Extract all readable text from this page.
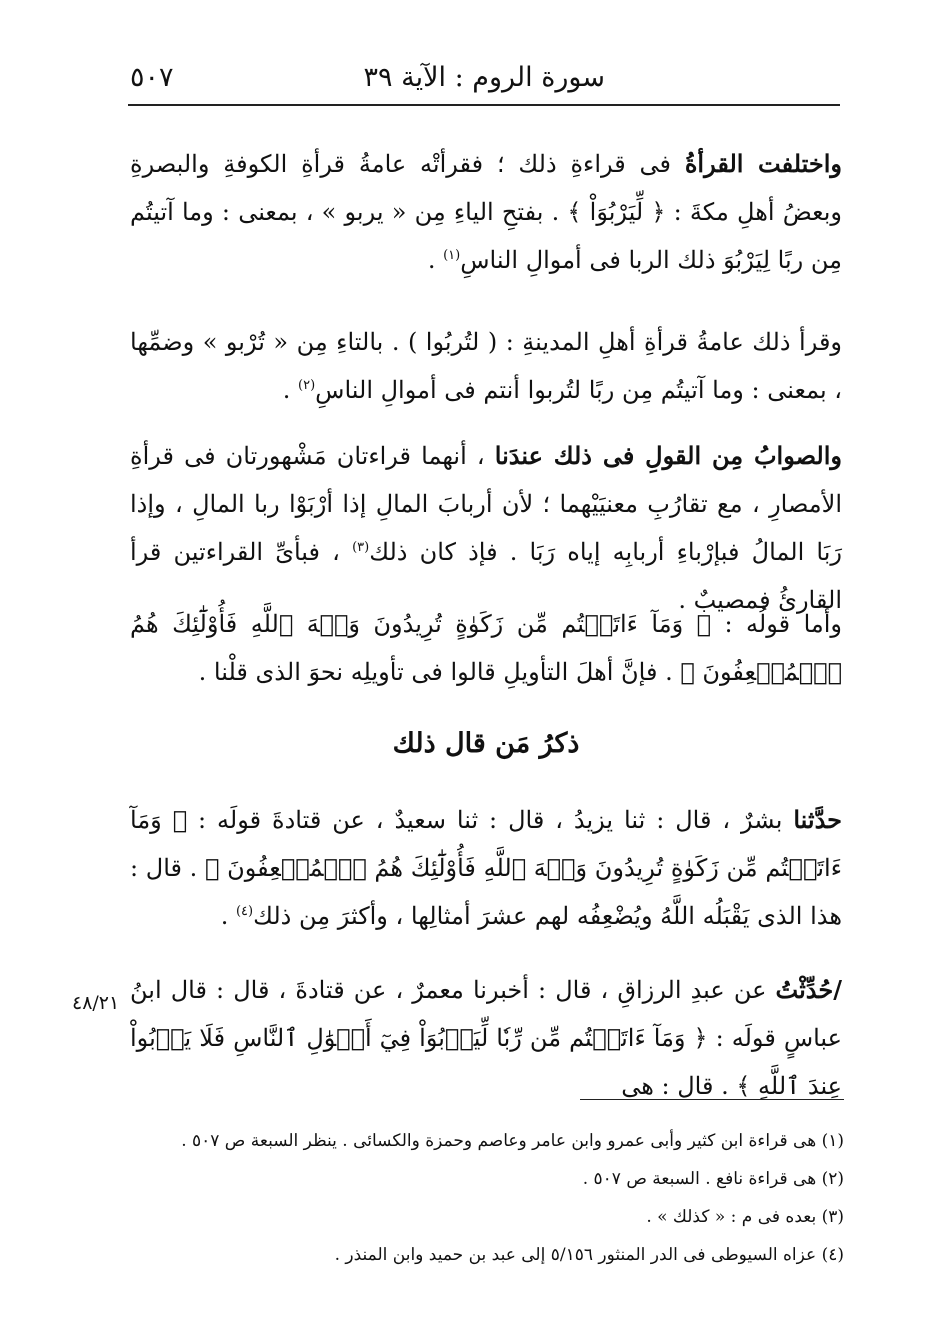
سورة الروم : الآية ٣٩
٥٠٧
واختلفت القرأةُ فى قراءةِ ذلك ؛ فقرأتْه عامةُ قرأةِ الكوفةِ والبصرةِ وبعضُ أهلِ مكةَ : ﴿ لِّيَرْبُوَاْ ﴾ . بفتحِ الياءِ مِن « يربو » ، بمعنى : وما آتيتُم مِن ربًا لِيَرْبُوَ ذلك الربا فى أموالِ الناسِ$^{(١)}$ .
وقرأ ذلك عامةُ قرأةِ أهلِ المدينةِ : ( لتُربُوا ) . بالتاءِ مِن « تُرْبو » وضمِّها ، بمعنى : وما آتيتُم مِن ربًا لتُربوا أنتم فى أموالِ الناسِ$^{(٢)}$ .
والصوابُ مِن القولِ فى ذلك عندَنا ، أنهما قراءتان مَشْهورتان فى قرأةِ الأمصارِ ، مع تقارُبِ معنيَيْهما ؛ لأن أربابَ المالِ إذا أرْبَوْا ربا المالِ ، وإذا رَبَا المالُ فبإرْباءِ أربابِه إياه رَبَا . فإذ كان ذلك$^{(٣)}$ ، فبأىِّ القراءتين قرأ القارئُ فمصيبٌ .
وأما قولُه : ﴿ وَمَآ ءَاتَيۡتُم مِّن زَكَوٰةٍ تُرِيدُونَ وَجۡهَ ٱللَّهِ فَأُوْلَٰٓئِكَ هُمُ ٱلۡمُضۡعِفُونَ ﴾ . فإنَّ أهلَ التأويلِ قالوا فى تأويلِه نحوَ الذى قلْنا .
ذكرُ مَن قال ذلك
حدَّثنا بشرٌ ، قال : ثنا يزيدُ ، قال : ثنا سعيدٌ ، عن قتادةَ قولَه : ﴿ وَمَآ ءَاتَيۡتُم مِّن زَكَوٰةٍ تُرِيدُونَ وَجۡهَ ٱللَّهِ فَأُوْلَٰٓئِكَ هُمُ ٱلۡمُضۡعِفُونَ ﴾ . قال : هذا الذى يَقْبَلُه اللَّهُ ويُضْعِفُه لهم عشرَ أمثالِها ، وأكثرَ مِن ذلك$^{(٤)}$ .
/حُدِّثْتُ عن عبدِ الرزاقِ ، قال : أخبرنا معمرٌ ، عن قتادةَ ، قال : قال ابنُ عباسٍ قولَه : ﴿ وَمَآ ءَاتَيۡتُم مِّن رِّبٗا لِّيَرۡبُوَاْ فِيٓ أَمۡوَٰلِ ٱلنَّاسِ فَلَا يَرۡبُواْ عِندَ ٱللَّهِ ﴾ . قال : هى
٤٨/٢١
(١) هى قراءة ابن كثير وأبى عمرو وابن عامر وعاصم وحمزة والكسائى . ينظر السبعة ص ٥٠٧ .
(٢) هى قراءة نافع . السبعة ص ٥٠٧ .
(٣) بعده فى م : « كذلك » .
(٤) عزاه السيوطى فى الدر المنثور ٥/١٥٦ إلى عبد بن حميد وابن المنذر .
